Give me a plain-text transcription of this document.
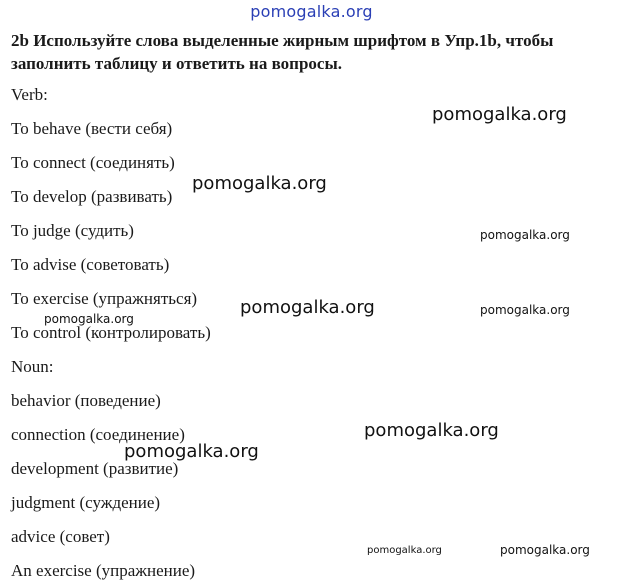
pomogalka.org

2b Используйте слова выделенные жирным шрифтом в Упр.1b, чтобы заполнить таблицу и ответить на вопросы.

Verb:
To behave (вести себя)
To connect (соединять)
To develop (развивать)
To judge (судить)
To advise (советовать)
To exercise (упражняться)
To control (контролировать)
Noun:
behavior (поведение)
connection (соединение)
development (развитие)
judgment (суждение)
advice (совет)
An exercise (упражнение)
pomogalka.org
pomogalka.org
pomogalka.org
pomogalka.org	pomogalka.org
pomogalka.org
pomogalka.org
pomogalka.org
pomogalka.org	pomogalka.org
